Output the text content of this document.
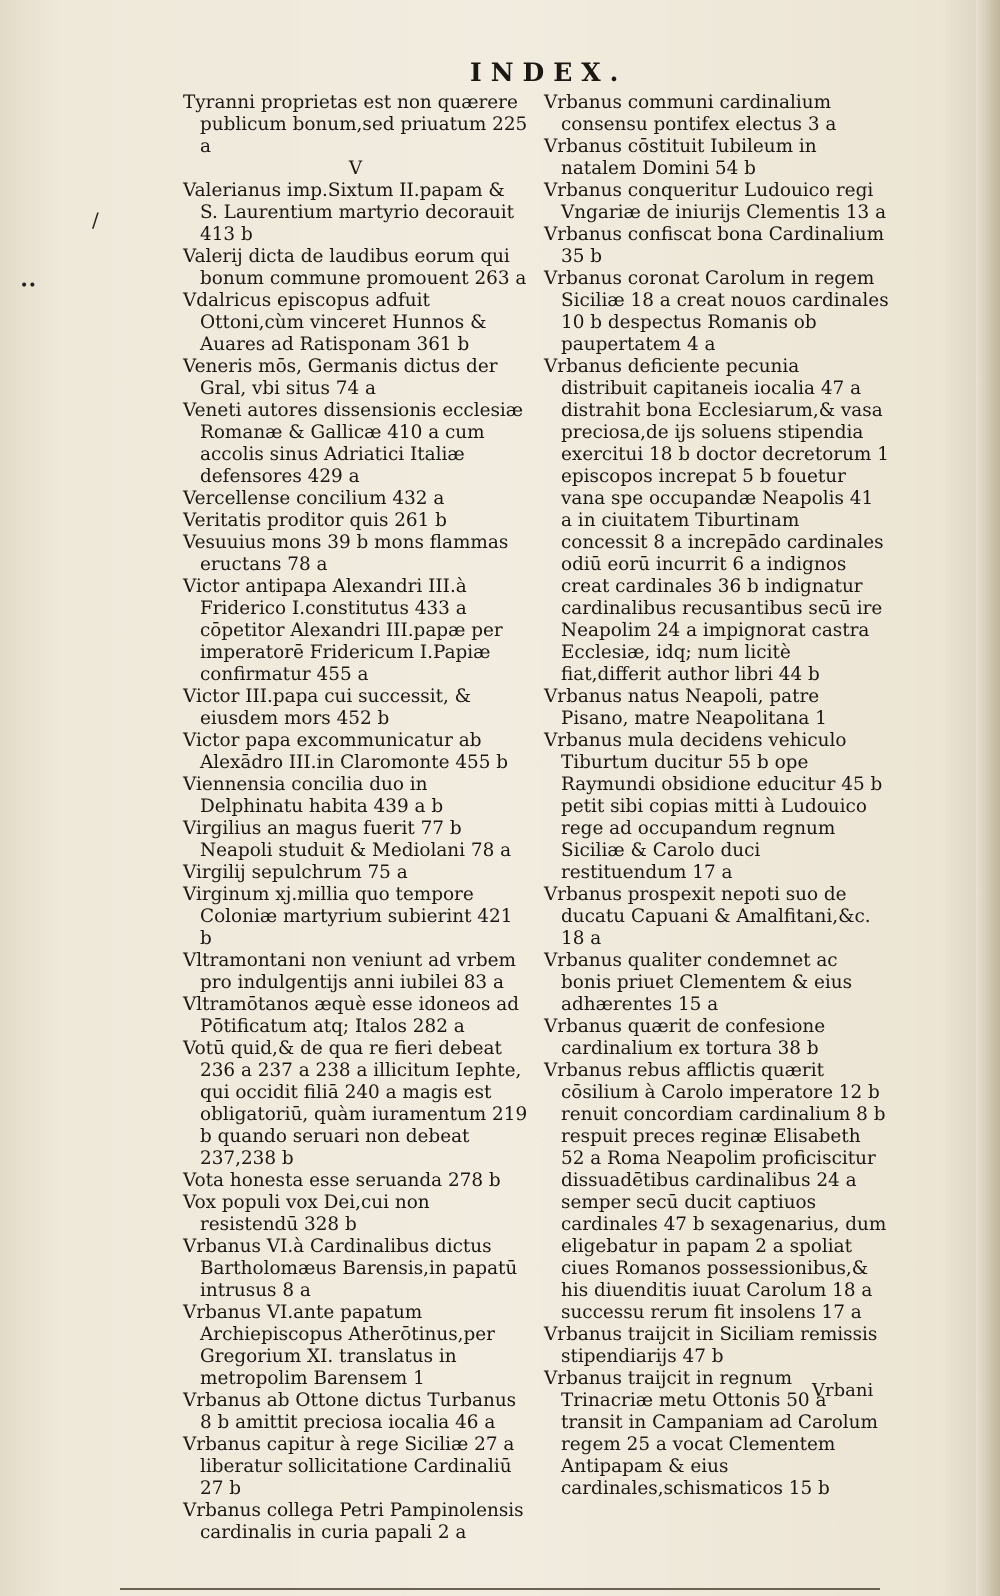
INDEX.
Tyranni proprietas est non quærere publicum bonum,sed priuatum 225 a
V
Valerianus imp.Sixtum II.papam & S. Laurentium martyrio decorauit 413 b
Valerij dicta de laudibus eorum qui bonum commune promouent 263 a
Vdalricus episcopus adfuit Ottoni,cùm vinceret Hunnos & Auares ad Ratisponam 361 b
Veneris mōs, Germanis dictus der Gral, vbi situs 74 a
Veneti autores dissensionis ecclesiæ Romanæ & Gallicæ 410 a cum accolis sinus Adriatici Italiæ defensores 429 a
Vercellense concilium 432 a
Veritatis proditor quis 261 b
Vesuuius mons 39 b mons flammas eructans 78 a
Victor antipapa Alexandri III.à Friderico I.constitutus 433 a cōpetitor Alexandri III.papæ per imperatorē Fridericum I.Papiæ confirmatur 455 a
Victor III.papa cui successit, & eiusdem mors 452 b
Victor papa excommunicatur ab Alexādro III.in Claromonte 455 b
Viennensia concilia duo in Delphinatu habita 439 a b
Virgilius an magus fuerit 77 b Neapoli studuit & Mediolani 78 a
Virgilij sepulchrum 75 a
Virginum xj.millia quo tempore Coloniæ martyrium subierint 421 b
Vltramontani non veniunt ad vrbem pro indulgentijs anni iubilei 83 a
Vltramōtanos æquè esse idoneos ad Pōtificatum atq; Italos 282 a
Votū quid,& de qua re fieri debeat 236 a 237 a 238 a illicitum Iephte, qui occidit filiā 240 a magis est obligatoriū, quàm iuramentum 219 b quando seruari non debeat 237,238 b
Vota honesta esse seruanda 278 b
Vox populi vox Dei,cui non resistendū 328 b
Vrbanus VI.à Cardinalibus dictus Bartholomæus Barensis,in papatū intrusus 8 a
Vrbanus VI.ante papatum Archiepiscopus Atherōtinus,per Gregorium XI. translatus in metropolim Barensem 1
Vrbanus ab Ottone dictus Turbanus 8 b amittit preciosa iocalia 46 a
Vrbanus capitur à rege Siciliæ 27 a liberatur sollicitatione Cardinaliū 27 b
Vrbanus collega Petri Pampinolensis cardinalis in curia papali 2 a
Vrbanus communi cardinalium consensu pontifex electus 3 a
Vrbanus cōstituit Iubileum in natalem Domini 54 b
Vrbanus conqueritur Ludouico regi Vngariæ de iniurijs Clementis 13 a
Vrbanus confiscat bona Cardinalium 35 b
Vrbanus coronat Carolum in regem Siciliæ 18 a creat nouos cardinales 10 b despectus Romanis ob paupertatem 4 a
Vrbanus deficiente pecunia distribuit capitaneis iocalia 47 a distrahit bona Ecclesiarum,& vasa preciosa,de ijs soluens stipendia exercitui 18 b doctor decretorum 1 episcopos increpat 5 b fouetur vana spe occupandæ Neapolis 41 a in ciuitatem Tiburtinam concessit 8 a increpādo cardinales odiū eorū incurrit 6 a indignos creat cardinales 36 b indignatur cardinalibus recusantibus secū ire Neapolim 24 a impignorat castra Ecclesiæ, idq; num licitè fiat,differit author libri 44 b
Vrbanus natus Neapoli, patre Pisano, matre Neapolitana 1
Vrbanus mula decidens vehiculo Tiburtum ducitur 55 b ope Raymundi obsidione educitur 45 b petit sibi copias mitti à Ludouico rege ad occupandum regnum Siciliæ & Carolo duci restituendum 17 a
Vrbanus prospexit nepoti suo de ducatu Capuani & Amalfitani,&c. 18 a
Vrbanus qualiter condemnet ac bonis priuet Clementem & eius adhærentes 15 a
Vrbanus quærit de confesione cardinalium ex tortura 38 b
Vrbanus rebus afflictis quærit cōsilium à Carolo imperatore 12 b renuit concordiam cardinalium 8 b respuit preces reginæ Elisabeth 52 a Roma Neapolim proficiscitur dissuadētibus cardinalibus 24 a semper secū ducit captiuos cardinales 47 b sexagenarius, dum eligebatur in papam 2 a spoliat ciues Romanos possessionibus,& his diuenditis iuuat Carolum 18 a successu rerum fit insolens 17 a
Vrbanus traijcit in Siciliam remissis stipendiarijs 47 b
Vrbanus traijcit in regnum Trinacriæ metu Ottonis 50 a transit in Campaniam ad Carolum regem 25 a vocat Clementem Antipapam & eius cardinales,schismaticos 15 b
Vrbani
/
••
